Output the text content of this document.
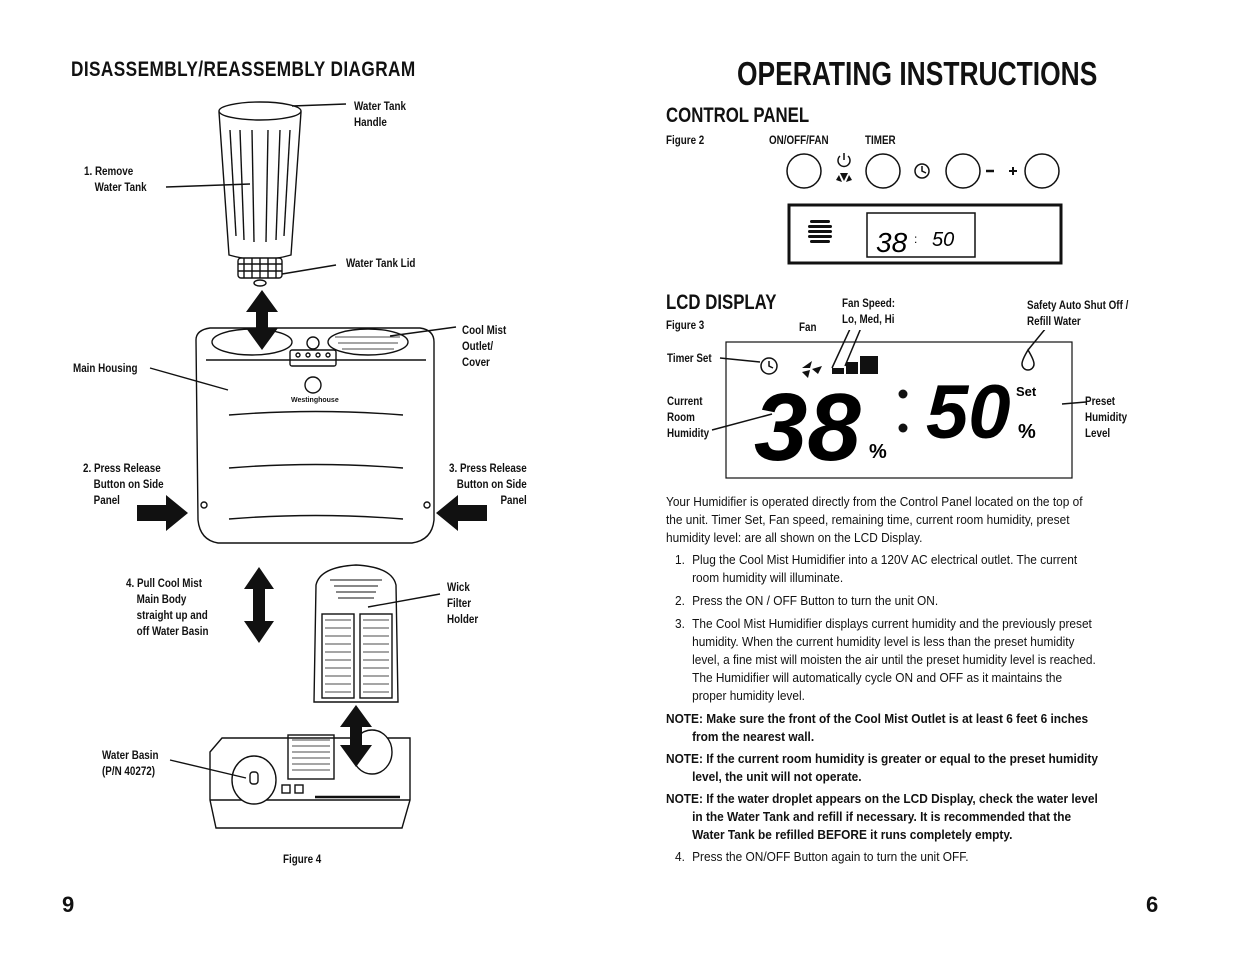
DISASSEMBLY/REASSEMBLY DIAGRAM
Water Tank
Handle
1. Remove
Water Tank
Water Tank Lid
Cool Mist
Outlet/
Cover
Main Housing
Westinghouse
2. Press Release
Button on Side
Panel
3. Press Release
Button on Side
Panel
4. Pull Cool Mist
Main Body
straight up and
off Water Basin
Wick
Filter
Holder
Water Basin
(P/N 40272)
Figure 4
9
OPERATING INSTRUCTIONS
CONTROL PANEL
Figure 2	ON/OFF/FAN	TIMER
38 : 50
LCD DISPLAY
Figure 3	Fan
Fan Speed:
Lo, Med, Hi
Safety Auto Shut Off /
Refill Water
Timer Set
Current
Room
Humidity
Preset
Humidity
Level
38 % 50 %
Set

Your Humidifier is operated directly from the Control Panel located on the top of the unit. Timer Set, Fan speed, remaining time, current room humidity, preset humidity level: are all shown on the LCD Display.

1. Plug the Cool Mist Humidifier into a 120V AC electrical outlet. The current room humidity will illuminate.
2. Press the ON / OFF Button to turn the unit ON.
3. The Cool Mist Humidifier displays current humidity and the previously preset humidity. When the current humidity level is less than the preset humidity level, a fine mist will moisten the air until the preset humidity level is reached. The Humidifier will automatically cycle ON and OFF as it maintains the proper humidity level.

NOTE: Make sure the front of the Cool Mist Outlet is at least 6 feet 6 inches from the nearest wall.

NOTE: If the current room humidity is greater or equal to the preset humidity level, the unit will not operate.

NOTE: If the water droplet appears on the LCD Display, check the water level in the Water Tank and refill if necessary. It is recommended that the Water Tank be refilled BEFORE it runs completely empty.

4. Press the ON/OFF Button again to turn the unit OFF.
6
